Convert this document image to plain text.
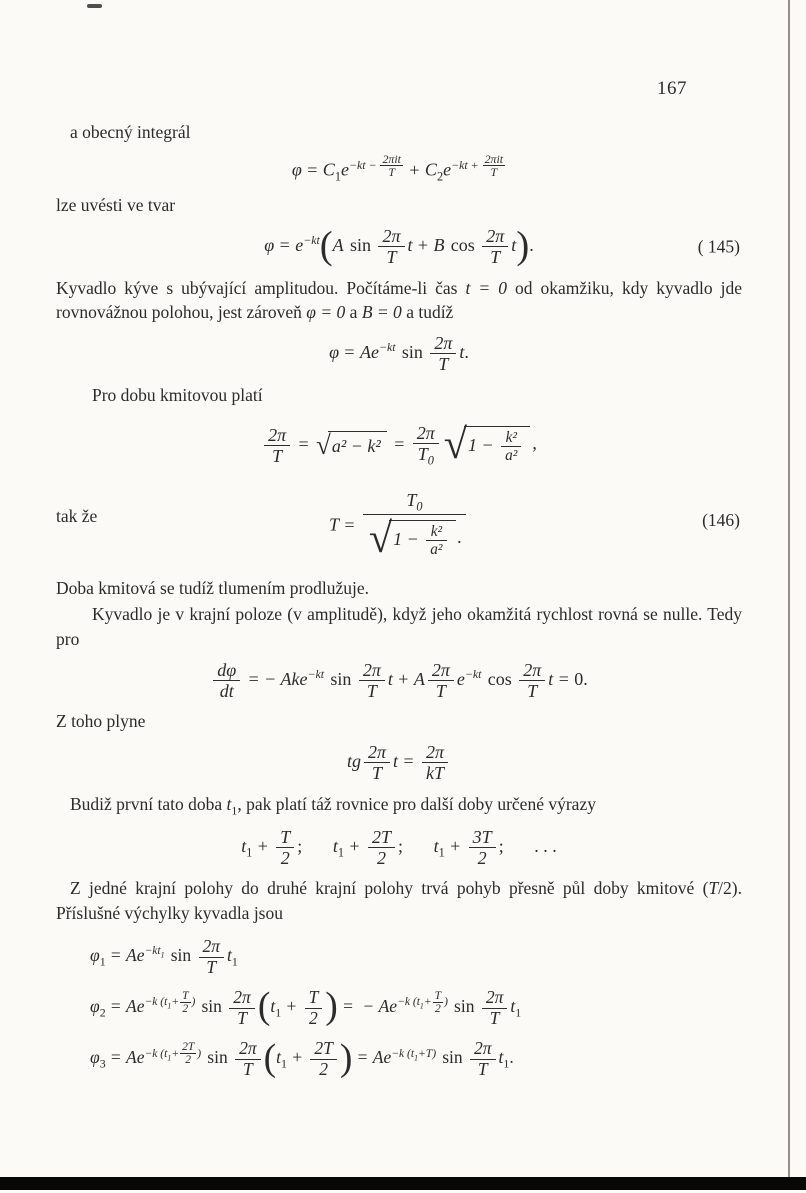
167

a obecný integrál

$\varphi = C_1e^{-kt - \frac{\text{2πit}}{T}} + C_2e^{-kt + \frac{\text{2πit}}{T}}$

lze uvésti ve tvar

$\varphi = e^{-kt}(A$ $\sin \frac{2\pi}{T}$ t + B $\cos \frac{2\pi}{T} t$).	( 145)

Kyvadlo kýve s ubývající amplitudou. Počítáme-li čas t = 0 od okamžiku, kdy kyvadlo jde rovnovážnou polohou, jest zároveň φ = 0 a B = 0 a tudíž

$\varphi = Ae^{-kt}$ $\sin \frac{2\pi}{T} t$.

Pro dobu kmitovou platí

$\frac{2\pi}{T} = √a^2 - k^2 = \frac{2\pi}{T_0} √1 - \frac{\text{k²}}{\text{a²}}$ ,
tak že	$T = \frac{T_0}{√1 - \frac{\text{k²}}{\text{a²}} .}$	(146)

Doba kmitová se tudíž tlumením prodlužuje.

Kyvadlo je v krajní poloze (v amplitudě), když jeho okamžitá rychlost rovná se nulle. Tedy pro

$\frac{d\varphi}{dt}$ = − Ake$^{-kt}$ $\sin \frac{2\pi}{T}$ t + A $\frac{2\pi}{T} e^{-kt}$ $\cos \frac{2\pi}{T}$ t = 0.

Z toho plyne

tg $\frac{2\pi}{T}$ $t = \frac{2\pi}{kT}$

Budiž první tato doba $t_1$, pak platí táž rovnice pro další doby určené výrazy

$t_1 + \frac{T}{2}$ ; $t_1 + \frac{2T}{2}$ ; $t_1 + \frac{3T}{2}$ ; . . .

Z jedné krajní polohy do druhé krajní polohy trvá pohyb přesně půl doby kmitové (T/2). Příslušné výchylky kyvadla jsou

$\varphi_1 = Ae^{-kt_1}$ $\sin \frac{2\pi}{T} t_1$
$\varphi_2 = Ae^{-k (t_1+ \frac{T}{2} )}$ $\sin \frac{2\pi}{T} (t_1 + \frac{T}{2}$ ) = − $Ae^{-k (t_1+ \frac{T}{2} )}$ $\sin \frac{2\pi}{T} t_1$
$\varphi_3 = Ae^{-k (t_1+ \frac{2T}{2} )}$ $\sin \frac{2\pi}{T} (t_1 + \frac{2T}{2}$ ) = $Ae^{-k (t_1+T)}$ $\sin \frac{2\pi}{T} t_1$.
